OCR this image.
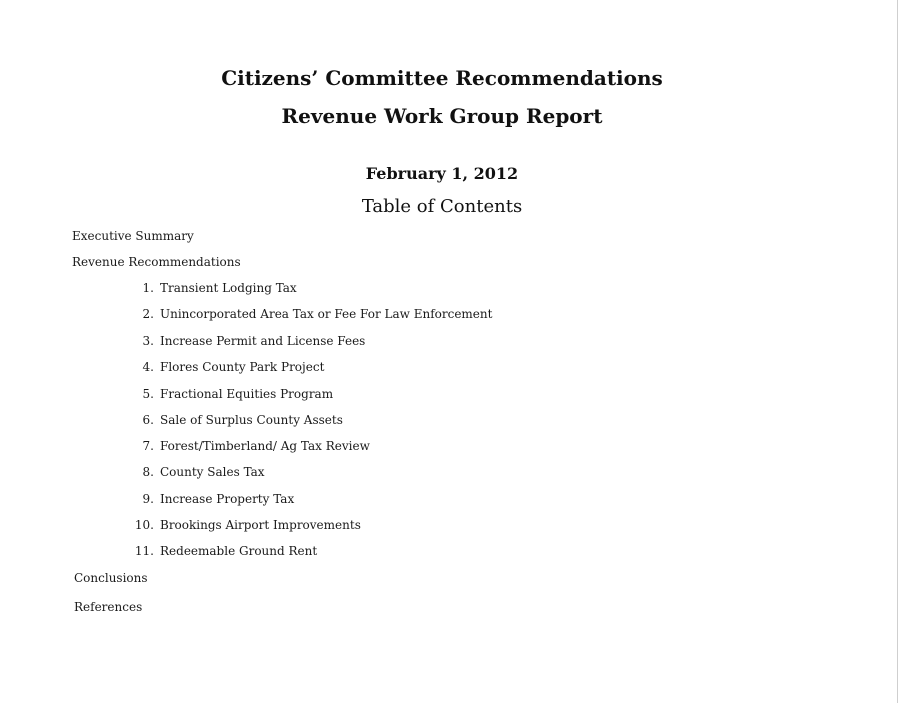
Citizens’ Committee Recommendations
Revenue Work Group Report
February 1, 2012
Table of Contents
Executive Summary
Revenue Recommendations
1. Transient Lodging Tax
2. Unincorporated Area Tax or Fee For Law Enforcement
3. Increase Permit and License Fees
4. Flores County Park Project
5. Fractional Equities Program
6. Sale of Surplus County Assets
7. Forest/Timberland/ Ag Tax Review
8. County Sales Tax
9. Increase Property Tax
10. Brookings Airport Improvements
11. Redeemable Ground Rent
Conclusions
References
